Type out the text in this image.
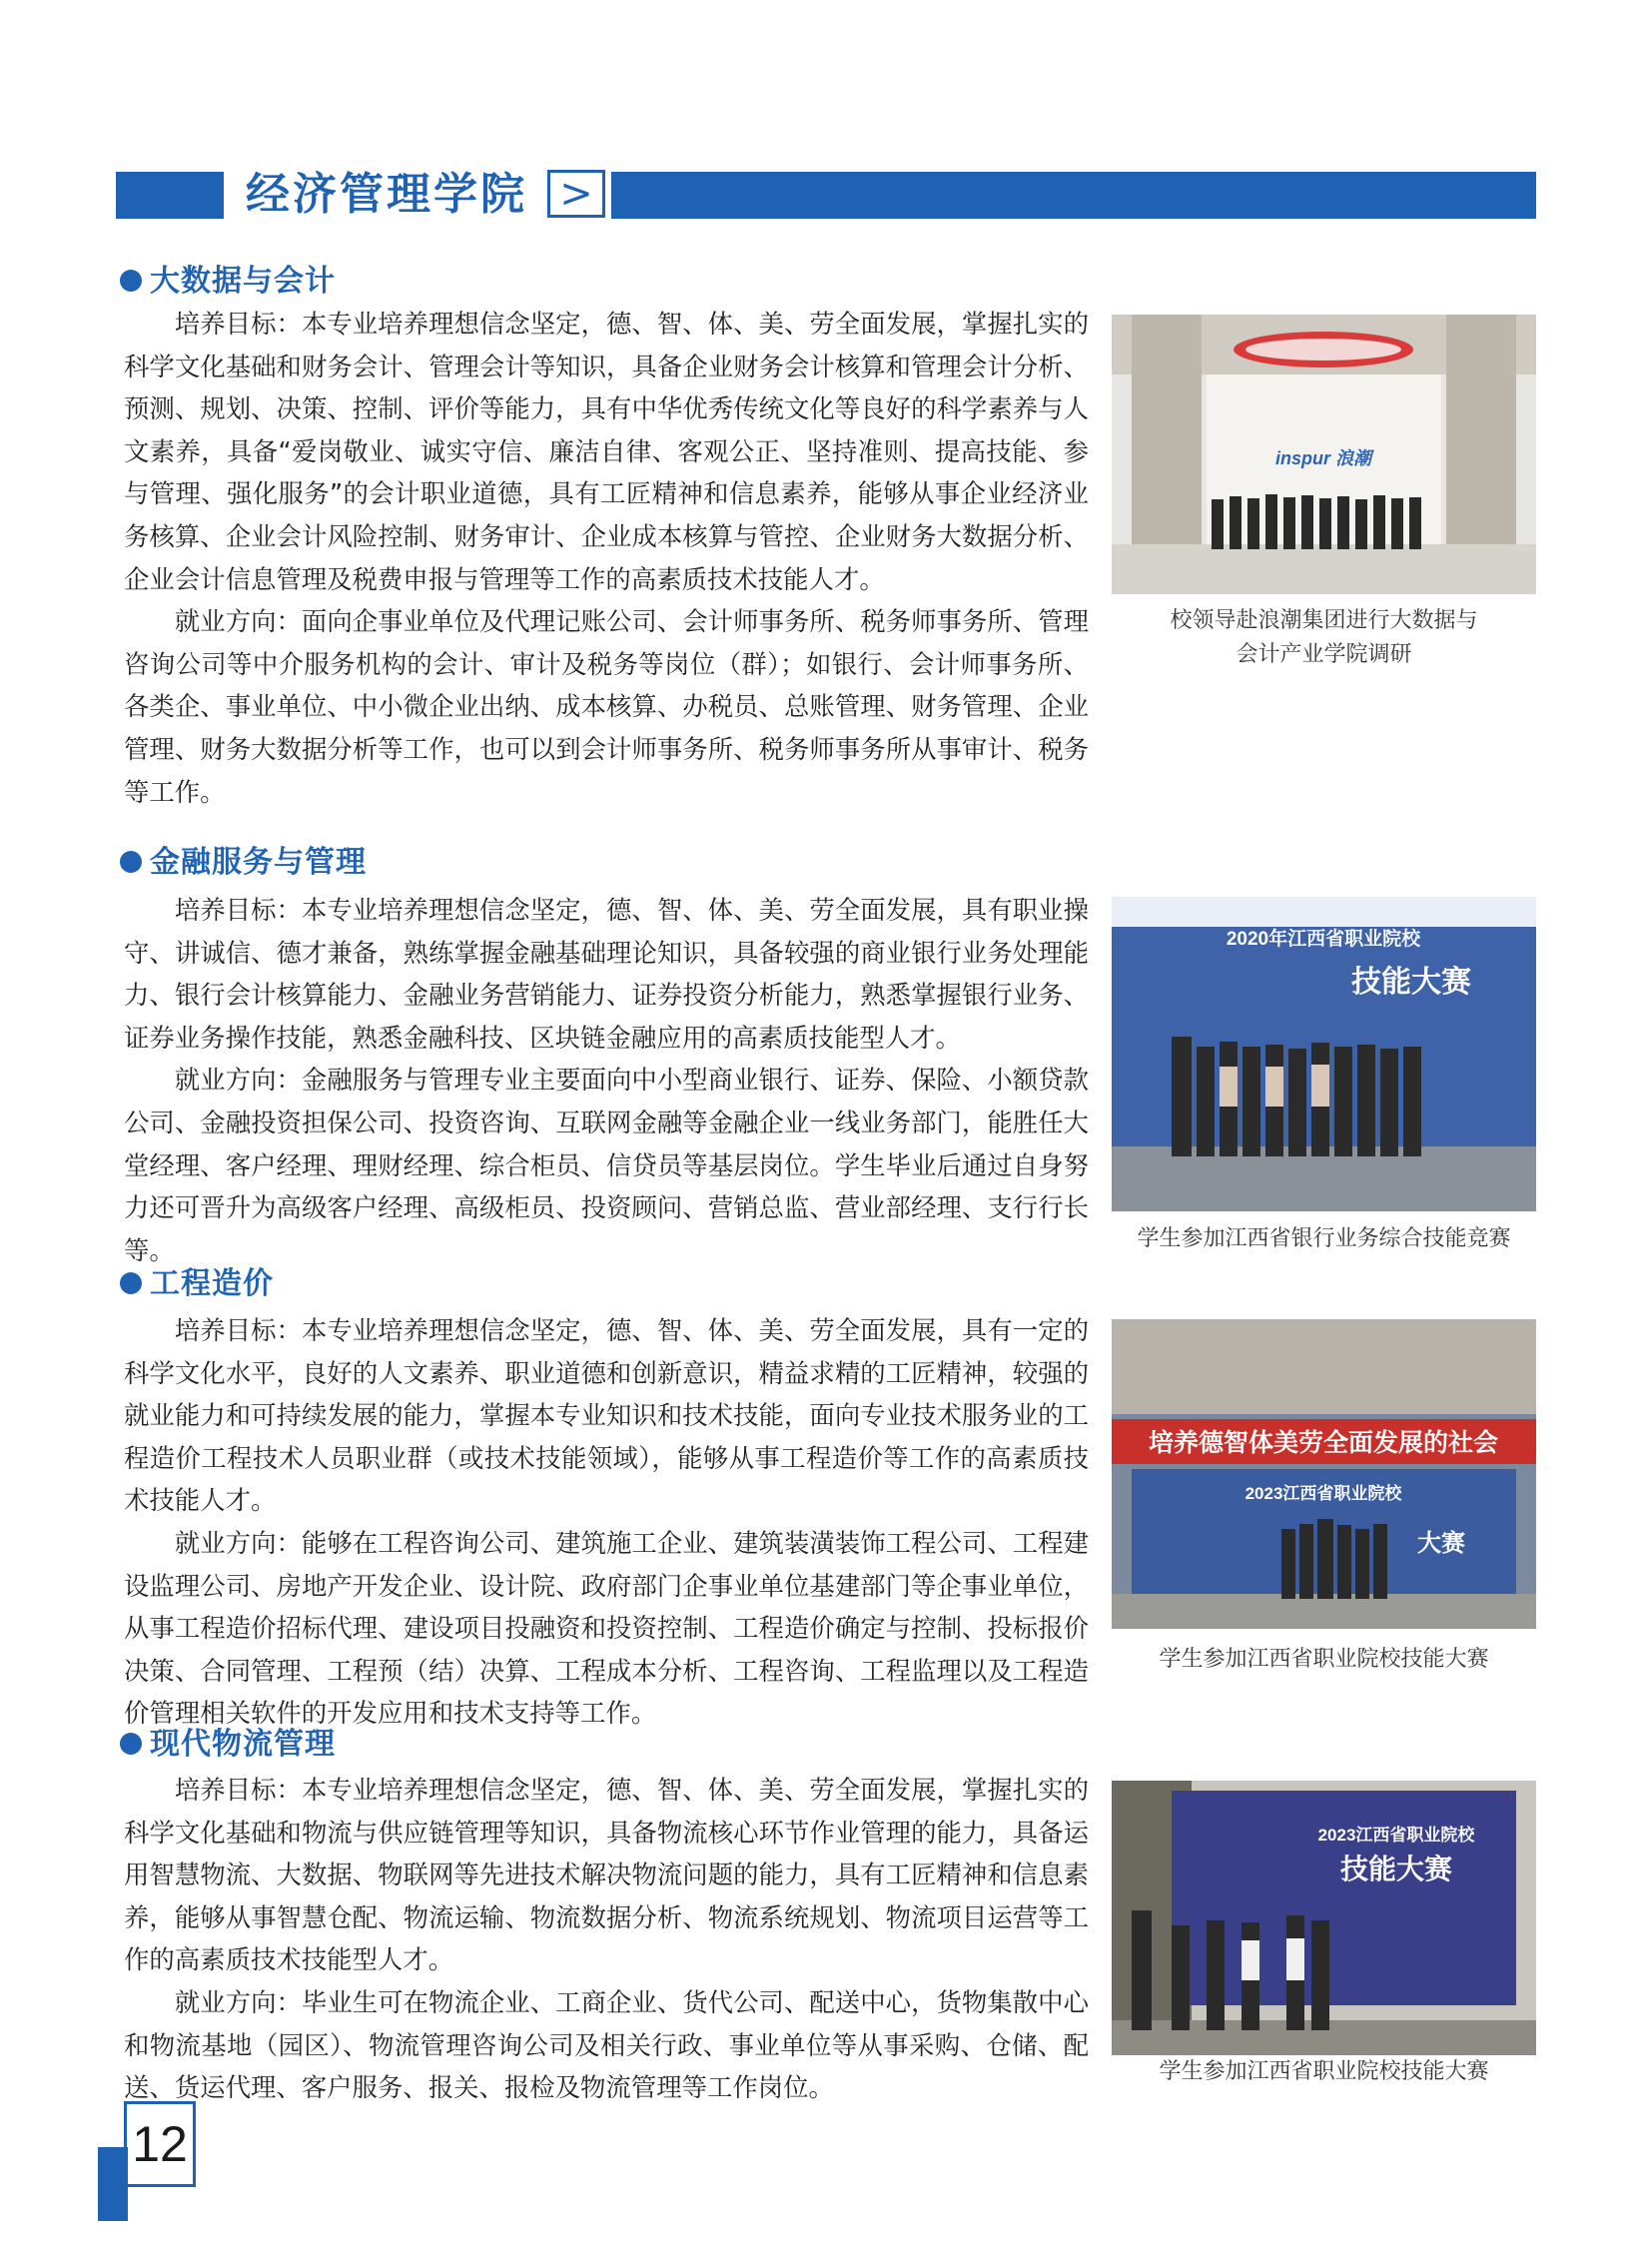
经济管理学院 >
大数据与会计

培养目标：本专业培养理想信念坚定，德、智、体、美、劳全面发展，掌握扎实的科学文化基础和财务会计、管理会计等知识，具备企业财务会计核算和管理会计分析、预测、规划、决策、控制、评价等能力，具有中华优秀传统文化等良好的科学素养与人文素养，具备“爱岗敬业、诚实守信、廉洁自律、客观公正、坚持准则、提高技能、参与管理、强化服务”的会计职业道德，具有工匠精神和信息素养，能够从事企业经济业务核算、企业会计风险控制、财务审计、企业成本核算与管控、企业财务大数据分析、企业会计信息管理及税费申报与管理等工作的高素质技术技能人才。

就业方向：面向企事业单位及代理记账公司、会计师事务所、税务师事务所、管理咨询公司等中介服务机构的会计、审计及税务等岗位（群）；如银行、会计师事务所、各类企、事业单位、中小微企业出纳、成本核算、办税员、总账管理、财务管理、企业管理、财务大数据分析等工作，也可以到会计师事务所、税务师事务所从事审计、税务等工作。

inspur 浪潮
校领导赴浪潮集团进行大数据与
会计产业学院调研
金融服务与管理

培养目标：本专业培养理想信念坚定，德、智、体、美、劳全面发展，具有职业操守、讲诚信、德才兼备，熟练掌握金融基础理论知识，具备较强的商业银行业务处理能力、银行会计核算能力、金融业务营销能力、证券投资分析能力，熟悉掌握银行业务、证券业务操作技能，熟悉金融科技、区块链金融应用的高素质技能型人才。

就业方向：金融服务与管理专业主要面向中小型商业银行、证券、保险、小额贷款公司、金融投资担保公司、投资咨询、互联网金融等金融企业一线业务部门，能胜任大堂经理、客户经理、理财经理、综合柜员、信贷员等基层岗位。学生毕业后通过自身努力还可晋升为高级客户经理、高级柜员、投资顾问、营销总监、营业部经理、支行行长等。

2020年江西省职业院校
技能大赛
学生参加江西省银行业务综合技能竞赛
工程造价

培养目标：本专业培养理想信念坚定，德、智、体、美、劳全面发展，具有一定的科学文化水平，良好的人文素养、职业道德和创新意识，精益求精的工匠精神，较强的就业能力和可持续发展的能力，掌握本专业知识和技术技能，面向专业技术服务业的工程造价工程技术人员职业群（或技术技能领域），能够从事工程造价等工作的高素质技术技能人才。

就业方向：能够在工程咨询公司、建筑施工企业、建筑装潢装饰工程公司、工程建设监理公司、房地产开发企业、设计院、政府部门企事业单位基建部门等企事业单位，从事工程造价招标代理、建设项目投融资和投资控制、工程造价确定与控制、投标报价决策、合同管理、工程预（结）决算、工程成本分析、工程咨询、工程监理以及工程造价管理相关软件的开发应用和技术支持等工作。

培养德智体美劳全面发展的社会
2023江西省职业院校
大赛
学生参加江西省职业院校技能大赛
现代物流管理

培养目标：本专业培养理想信念坚定，德、智、体、美、劳全面发展，掌握扎实的科学文化基础和物流与供应链管理等知识，具备物流核心环节作业管理的能力，具备运用智慧物流、大数据、物联网等先进技术解决物流问题的能力，具有工匠精神和信息素养，能够从事智慧仓配、物流运输、物流数据分析、物流系统规划、物流项目运营等工作的高素质技术技能型人才。

就业方向：毕业生可在物流企业、工商企业、货代公司、配送中心，货物集散中心和物流基地（园区）、物流管理咨询公司及相关行政、事业单位等从事采购、仓储、配送、货运代理、客户服务、报关、报检及物流管理等工作岗位。

2023江西省职业院校
技能大赛
学生参加江西省职业院校技能大赛
12
